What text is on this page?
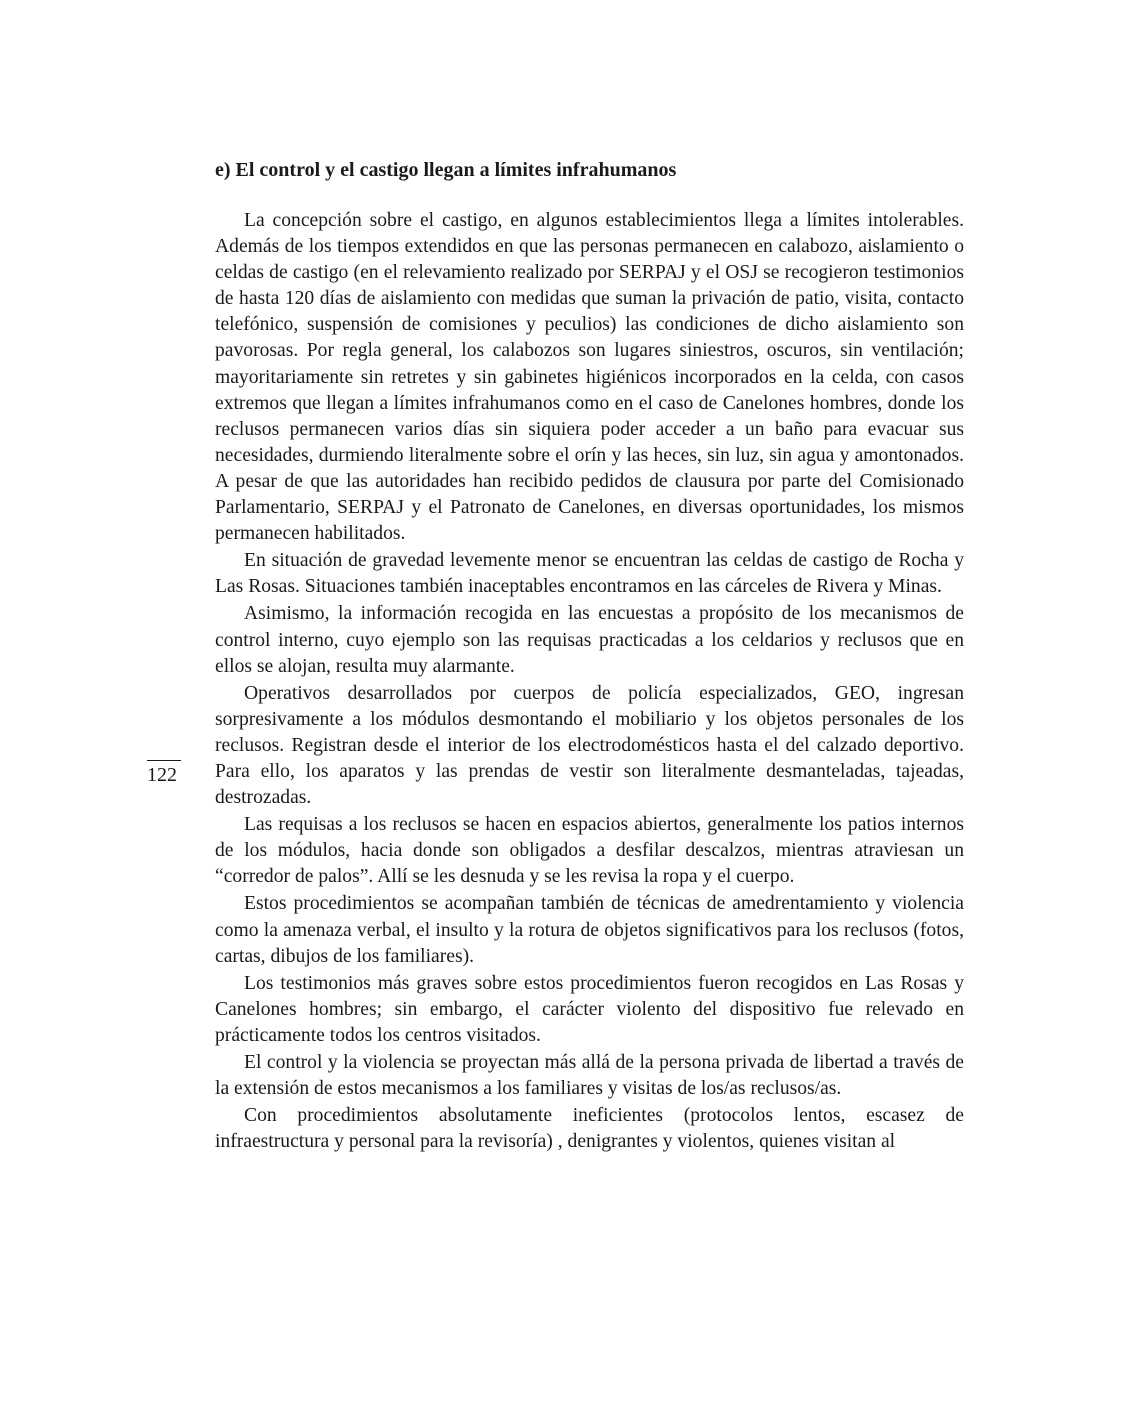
e) El control y el castigo llegan a límites infrahumanos

La concepción sobre el castigo, en algunos establecimientos llega a límites intolerables. Además de los tiempos extendidos en que las personas permanecen en calabozo, aislamiento o celdas de castigo (en el relevamiento realizado por SERPAJ y el OSJ se recogieron testimonios de hasta 120 días de aislamiento con medidas que suman la privación de patio, visita, contacto telefónico, suspensión de comisiones y peculios) las condiciones de dicho aislamiento son pavorosas. Por regla general, los calabozos son lugares siniestros, oscuros, sin ventilación; mayoritariamente sin retretes y sin gabinetes higiénicos incorporados en la celda, con casos extremos que llegan a límites infrahumanos como en el caso de Canelones hombres, donde los reclusos permanecen varios días sin siquiera poder acceder a un baño para evacuar sus necesidades, durmiendo literalmente sobre el orín y las heces, sin luz, sin agua y amontonados. A pesar de que las autoridades han recibido pedidos de clausura por parte del Comisionado Parlamentario, SERPAJ y el Patronato de Canelones, en diversas oportunidades, los mismos permanecen habilitados.

En situación de gravedad levemente menor se encuentran las celdas de castigo de Rocha y Las Rosas. Situaciones también inaceptables encontramos en las cárceles de Rivera y Minas.

Asimismo, la información recogida en las encuestas a propósito de los mecanismos de control interno, cuyo ejemplo son las requisas practicadas a los celdarios y reclusos que en ellos se alojan, resulta muy alarmante.

Operativos desarrollados por cuerpos de policía especializados, GEO, ingresan sorpresivamente a los módulos desmontando el mobiliario y los objetos personales de los reclusos. Registran desde el interior de los electrodomésticos hasta el del calzado deportivo. Para ello, los aparatos y las prendas de vestir son literalmente desmanteladas, tajeadas, destrozadas.

Las requisas a los reclusos se hacen en espacios abiertos, generalmente los patios internos de los módulos, hacia donde son obligados a desfilar descalzos, mientras atraviesan un “corredor de palos”. Allí se les desnuda y se les revisa la ropa y el cuerpo.

Estos procedimientos se acompañan también de técnicas de amedrentamiento y violencia como la amenaza verbal, el insulto y la rotura de objetos significativos para los reclusos (fotos, cartas, dibujos de los familiares).

Los testimonios más graves sobre estos procedimientos fueron recogidos en Las Rosas y Canelones hombres; sin embargo, el carácter violento del dispositivo fue relevado en prácticamente todos los centros visitados.

El control y la violencia se proyectan más allá de la persona privada de libertad a través de la extensión de estos mecanismos a los familiares y visitas de los/as reclusos/as.

Con procedimientos absolutamente ineficientes (protocolos lentos, escasez de infraestructura y personal para la revisoría) , denigrantes y violentos, quienes visitan al

122
